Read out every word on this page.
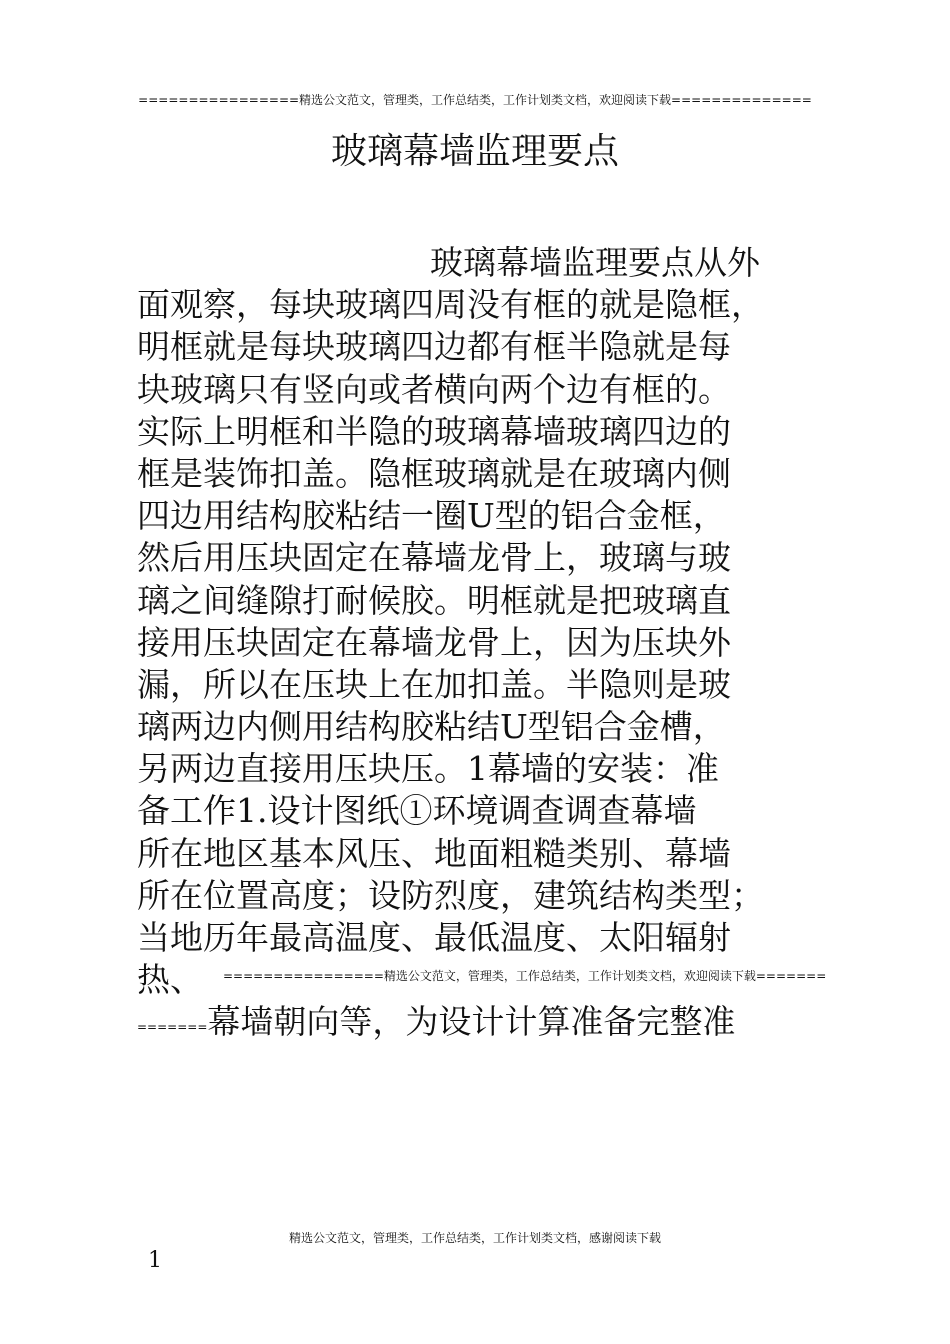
================精选公文范文，管理类，工作总结类，工作计划类文档，欢迎阅读下载==============
玻璃幕墙监理要点
玻璃幕墙监理要点从外
面观察，每块玻璃四周没有框的就是隐框，
明框就是每块玻璃四边都有框半隐就是每
块玻璃只有竖向或者横向两个边有框的。
实际上明框和半隐的玻璃幕墙玻璃四边的
框是装饰扣盖。隐框玻璃就是在玻璃内侧
四边用结构胶粘结一圈U型的铝合金框，
然后用压块固定在幕墙龙骨上，玻璃与玻
璃之间缝隙打耐候胶。明框就是把玻璃直
接用压块固定在幕墙龙骨上，因为压块外
漏，所以在压块上在加扣盖。半隐则是玻
璃两边内侧用结构胶粘结U型铝合金槽，
另两边直接用压块压。1幕墙的安装：准
备工作1.设计图纸①环境调查调查幕墙
所在地区基本风压、地面粗糙类别、幕墙
所在位置高度；设防烈度，建筑结构类型；
当地历年最高温度、最低温度、太阳辐射
热、 ================精选公文范文，管理类，工作总结类，工作计划类文档，欢迎阅读下载=======
=======幕墙朝向等，为设计计算准备完整准
精选公文范文，管理类，工作总结类，工作计划类文档，感谢阅读下载
1
